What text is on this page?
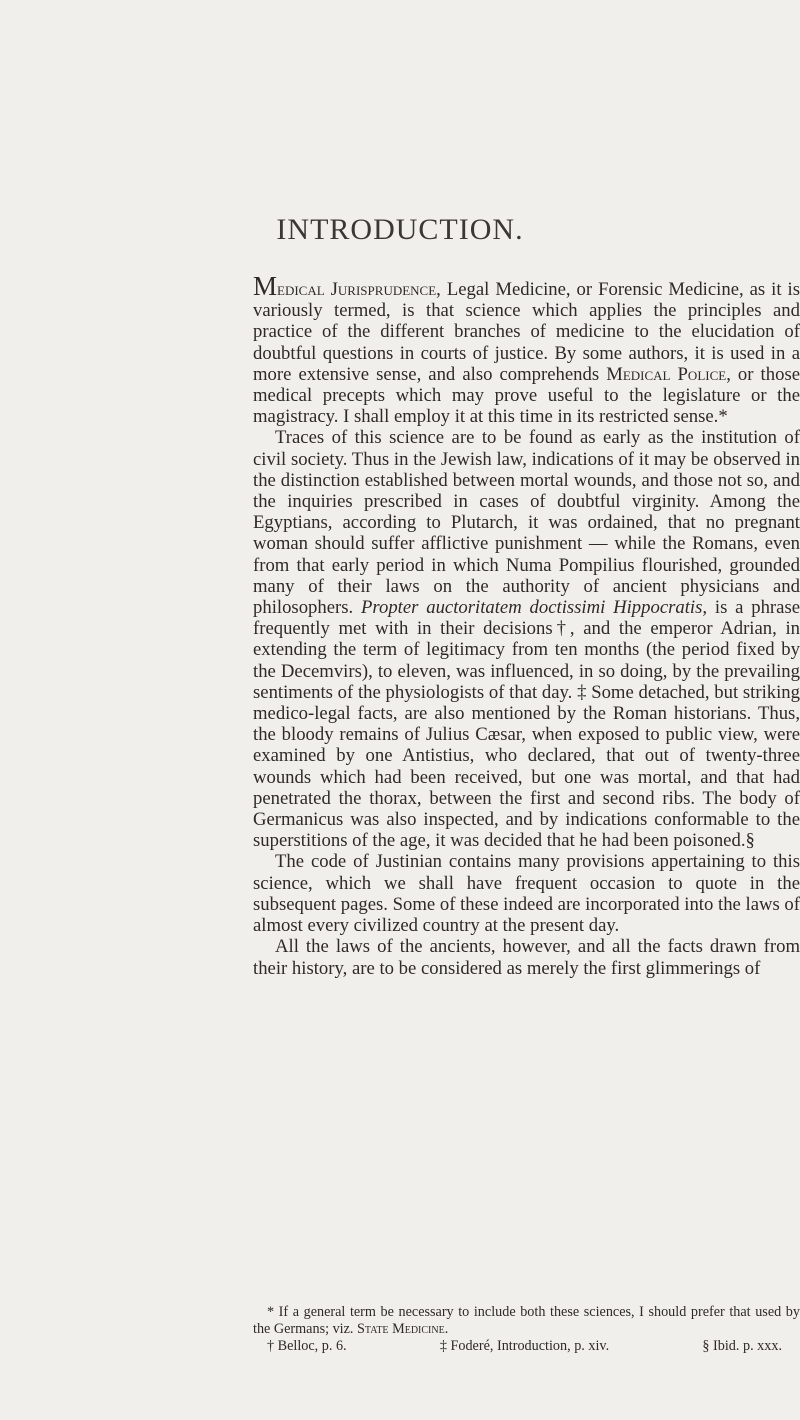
INTRODUCTION.

Medical Jurisprudence, Legal Medicine, or Forensic Medicine, as it is variously termed, is that science which applies the principles and practice of the different branches of medicine to the elucidation of doubtful questions in courts of justice. By some authors, it is used in a more extensive sense, and also comprehends Medical Police, or those medical precepts which may prove useful to the legislature or the magistracy. I shall employ it at this time in its restricted sense.*

Traces of this science are to be found as early as the institution of civil society. Thus in the Jewish law, indications of it may be observed in the distinction established between mortal wounds, and those not so, and the inquiries prescribed in cases of doubtful virginity. Among the Egyptians, according to Plutarch, it was ordained, that no pregnant woman should suffer afflictive punishment — while the Romans, even from that early period in which Numa Pompilius flourished, grounded many of their laws on the authority of ancient physicians and philosophers. Propter auctoritatem doctissimi Hippocratis, is a phrase frequently met with in their decisions†, and the emperor Adrian, in extending the term of legitimacy from ten months (the period fixed by the Decemvirs), to eleven, was influenced, in so doing, by the prevailing sentiments of the physiologists of that day. ‡ Some detached, but striking medico-legal facts, are also mentioned by the Roman historians. Thus, the bloody remains of Julius Cæsar, when exposed to public view, were examined by one Antistius, who declared, that out of twenty-three wounds which had been received, but one was mortal, and that had penetrated the thorax, between the first and second ribs. The body of Germanicus was also inspected, and by indications conformable to the superstitions of the age, it was decided that he had been poisoned.§

The code of Justinian contains many provisions appertaining to this science, which we shall have frequent occasion to quote in the subsequent pages. Some of these indeed are incorporated into the laws of almost every civilized country at the present day.

All the laws of the ancients, however, and all the facts drawn from their history, are to be considered as merely the first glimmerings of

* If a general term be necessary to include both these sciences, I should prefer that used by the Germans; viz. State Medicine.

† Belloc, p. 6.	‡ Foderé, Introduction, p. xiv.	§ Ibid. p. xxx.
